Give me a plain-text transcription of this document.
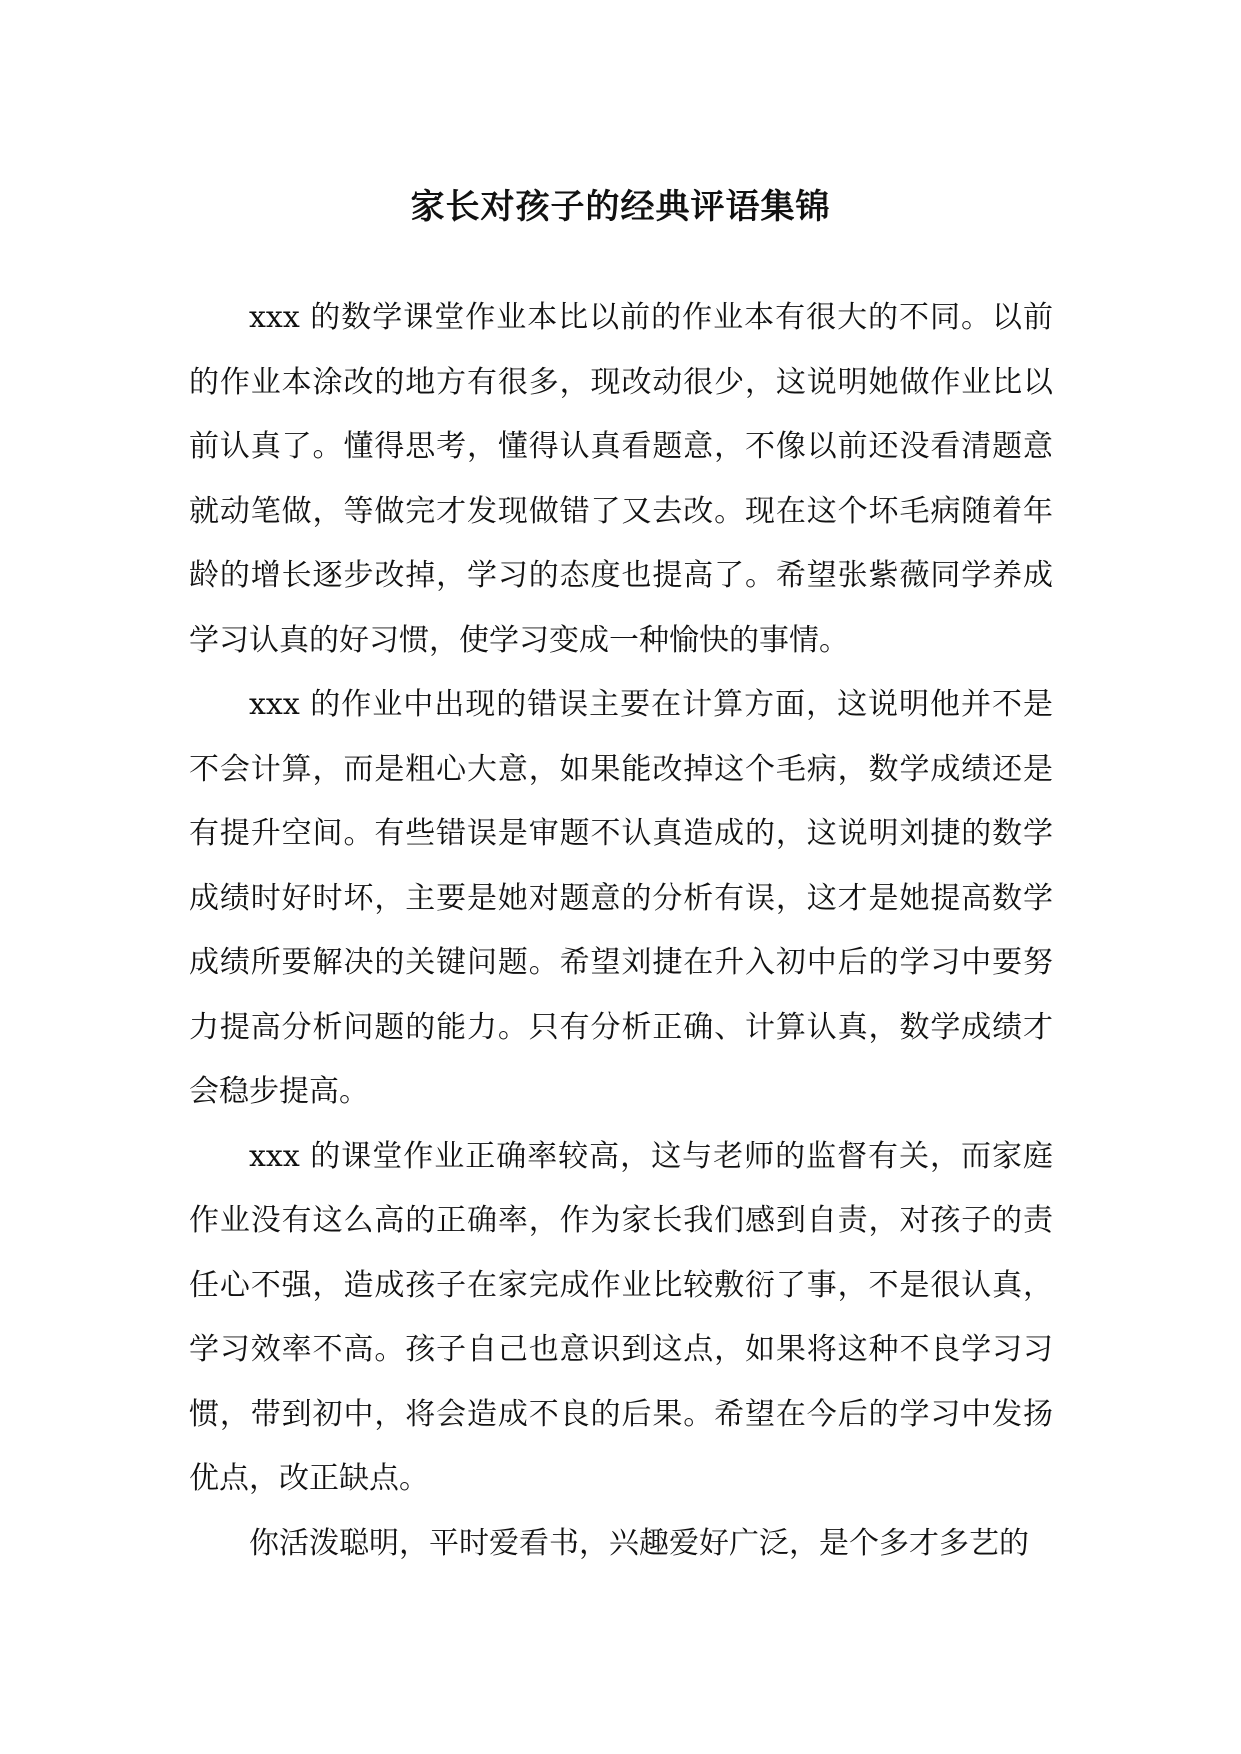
家长对孩子的经典评语集锦

xxx 的数学课堂作业本比以前的作业本有很大的不同。以前的作业本涂改的地方有很多，现改动很少，这说明她做作业比以前认真了。懂得思考，懂得认真看题意，不像以前还没看清题意就动笔做，等做完才发现做错了又去改。现在这个坏毛病随着年龄的增长逐步改掉，学习的态度也提高了。希望张紫薇同学养成学习认真的好习惯，使学习变成一种愉快的事情。

xxx 的作业中出现的错误主要在计算方面，这说明他并不是不会计算，而是粗心大意，如果能改掉这个毛病，数学成绩还是有提升空间。有些错误是审题不认真造成的，这说明刘捷的数学成绩时好时坏，主要是她对题意的分析有误，这才是她提高数学成绩所要解决的关键问题。希望刘捷在升入初中后的学习中要努力提高分析问题的能力。只有分析正确、计算认真，数学成绩才会稳步提高。

xxx 的课堂作业正确率较高，这与老师的监督有关，而家庭作业没有这么高的正确率，作为家长我们感到自责，对孩子的责任心不强，造成孩子在家完成作业比较敷衍了事，不是很认真，学习效率不高。孩子自己也意识到这点，如果将这种不良学习习惯，带到初中，将会造成不良的后果。希望在今后的学习中发扬优点，改正缺点。

你活泼聪明，平时爱看书，兴趣爱好广泛，是个多才多艺的
